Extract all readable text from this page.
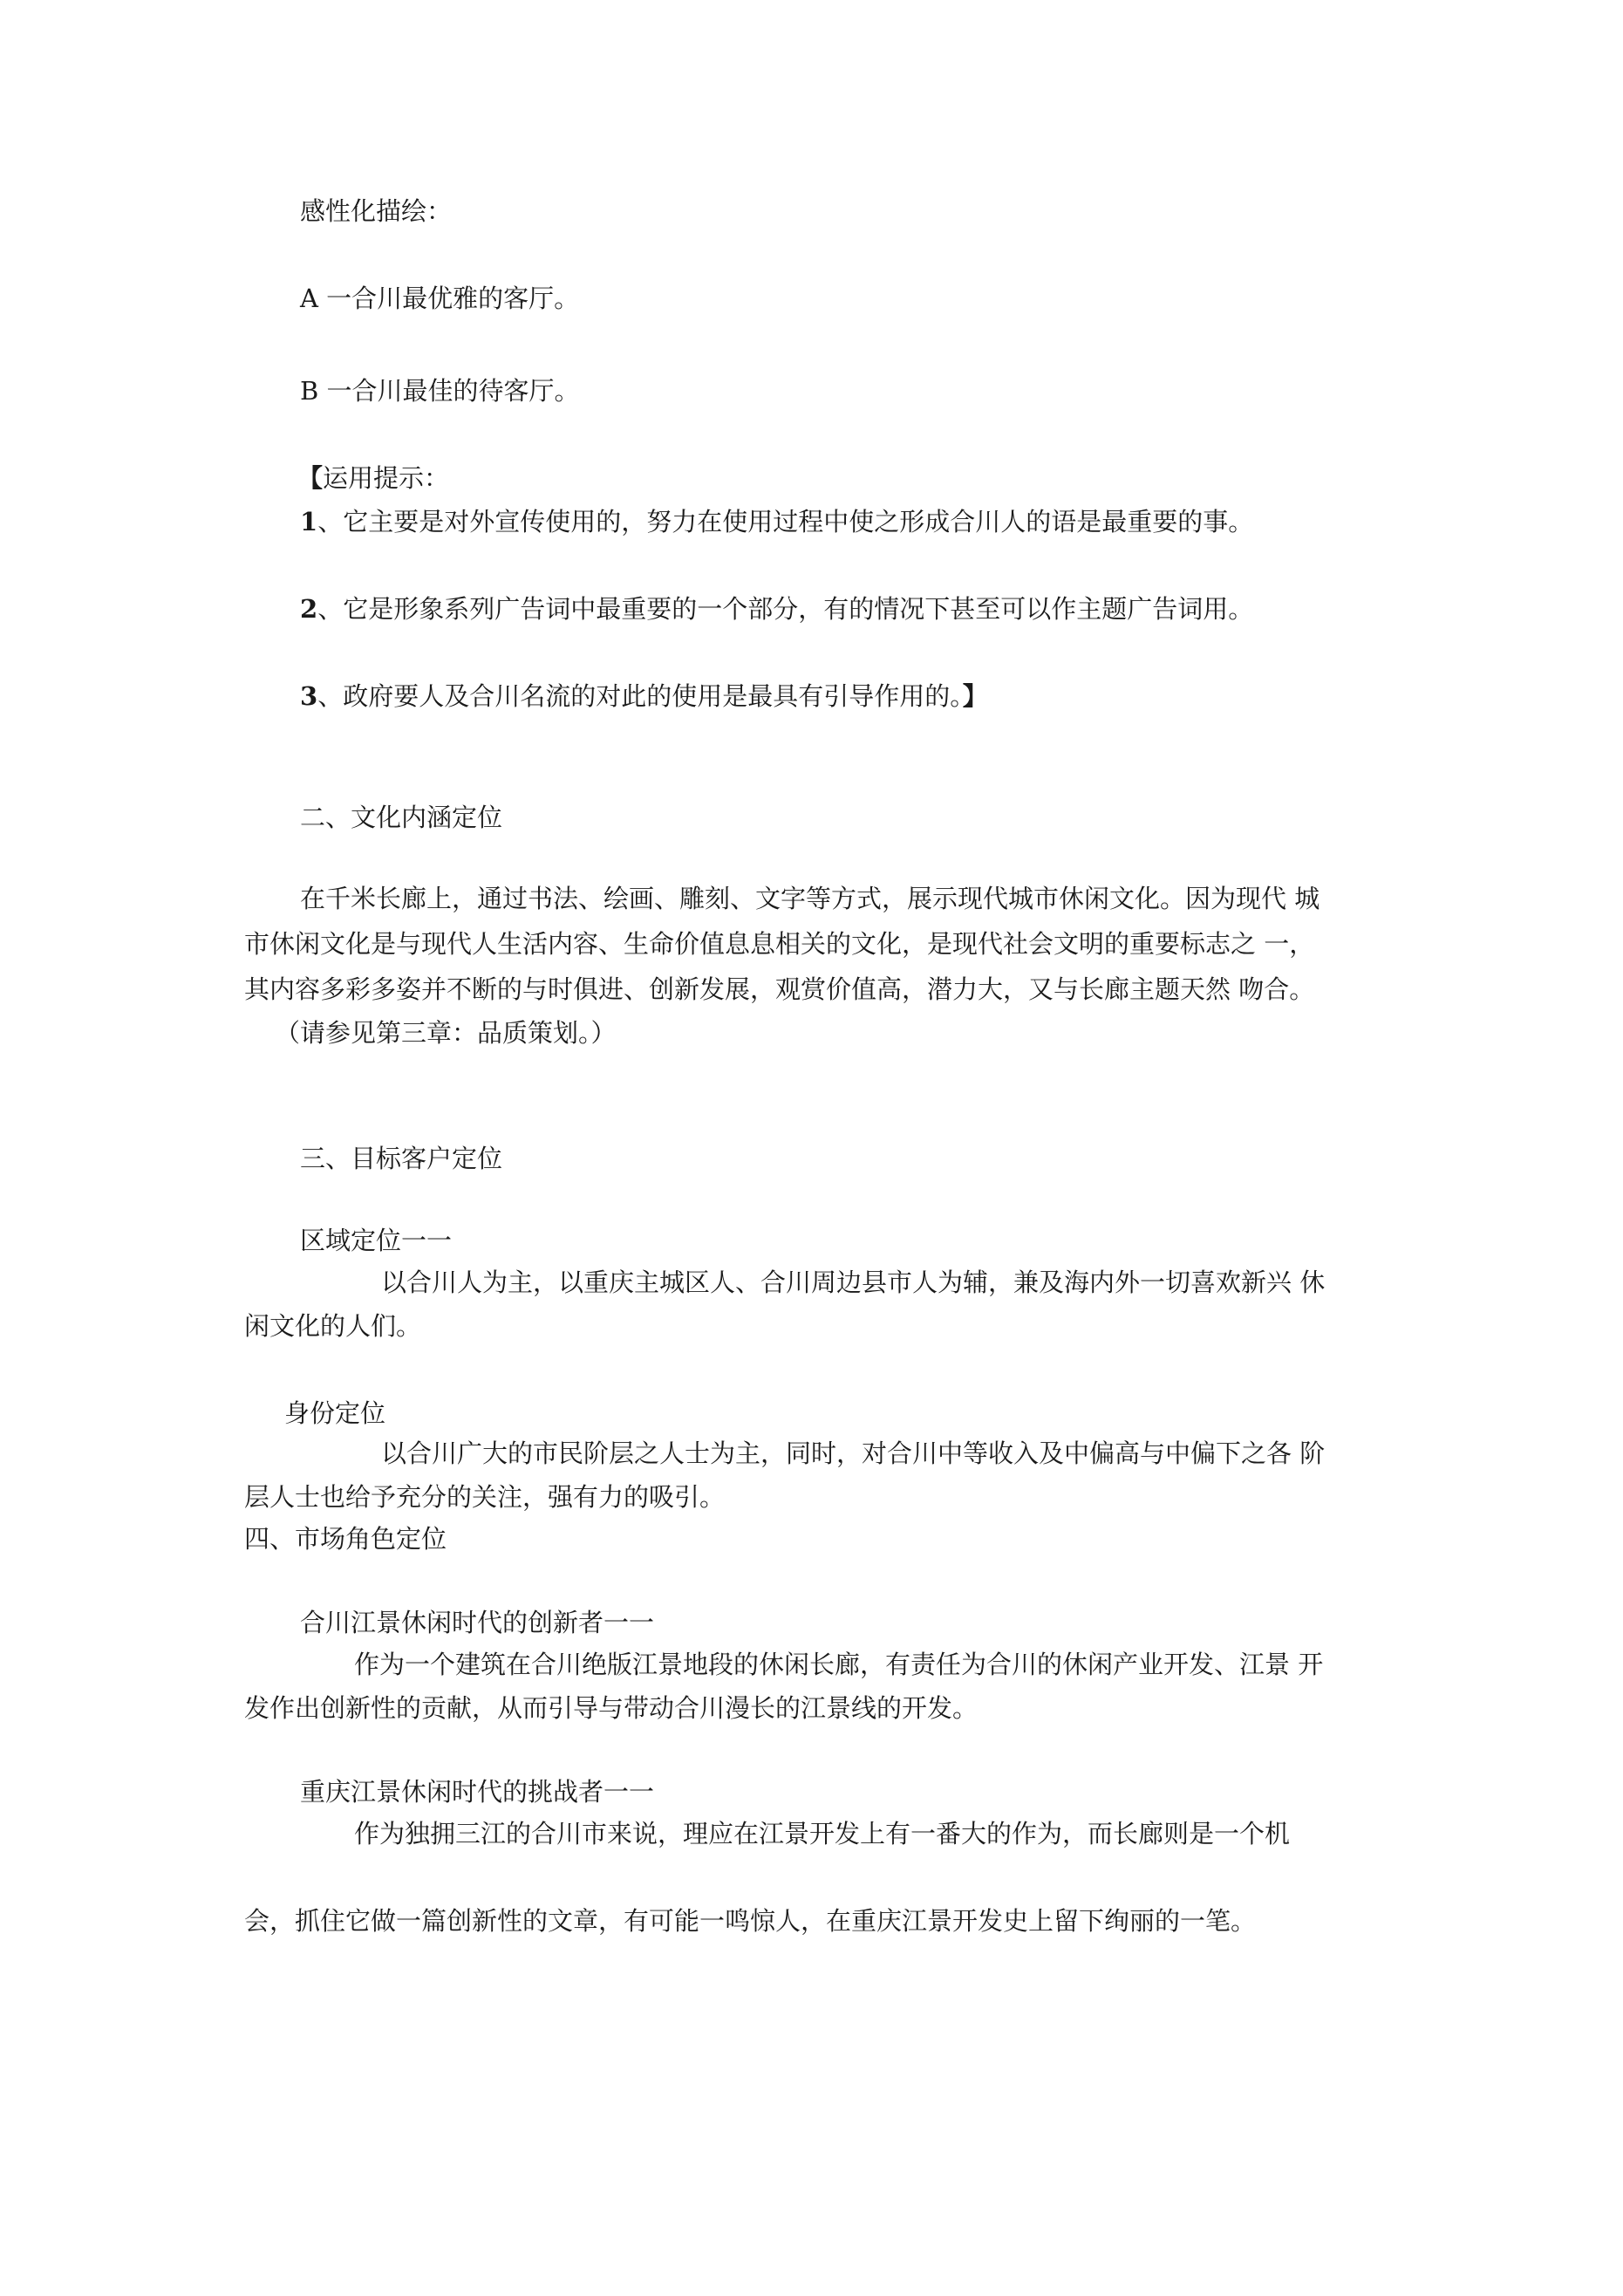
感性化描绘：
A 一合川最优雅的客厅。
B 一合川最佳的待客厅。
【运用提示：
1、它主要是对外宣传使用的，努力在使用过程中使之形成合川人的语是最重要的事。
2、它是形象系列广告词中最重要的一个部分，有的情况下甚至可以作主题广告词用。
3、政府要人及合川名流的对此的使用是最具有引导作用的。】
二、文化内涵定位
在千米长廊上，通过书法、绘画、雕刻、文字等方式，展示现代城市休闲文化。因为现代 城
市休闲文化是与现代人生活内容、生命价值息息相关的文化，是现代社会文明的重要标志之 一，
其内容多彩多姿并不断的与时俱进、创新发展，观赏价值高，潜力大，又与长廊主题天然 吻合。
（请参见第三章：品质策划。）
三、目标客户定位
区域定位一一
以合川人为主，以重庆主城区人、合川周边县市人为辅，兼及海内外一切喜欢新兴 休
闲文化的人们。
身份定位
以合川广大的市民阶层之人士为主，同时，对合川中等收入及中偏高与中偏下之各 阶
层人士也给予充分的关注，强有力的吸引。
四、市场角色定位
合川江景休闲时代的创新者一一
作为一个建筑在合川绝版江景地段的休闲长廊，有责任为合川的休闲产业开发、江景 开
发作出创新性的贡献，从而引导与带动合川漫长的江景线的开发。
重庆江景休闲时代的挑战者一一
作为独拥三江的合川市来说，理应在江景开发上有一番大的作为，而长廊则是一个机
会，抓住它做一篇创新性的文章，有可能一鸣惊人，在重庆江景开发史上留下绚丽的一笔。
